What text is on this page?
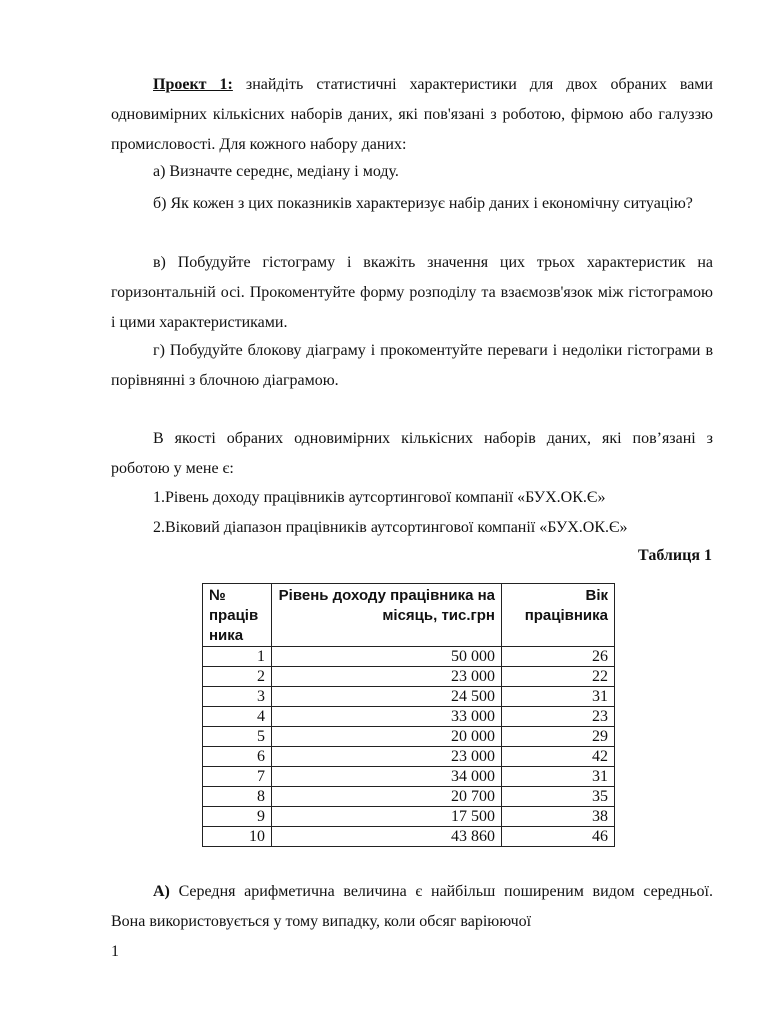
Проект 1: знайдіть статистичні характеристики для двох обраних вами одновимірних кількісних наборів даних, які пов'язані з роботою, фірмою або галуззю промисловості. Для кожного набору даних:

а) Визначте середнє, медіану і моду.

б) Як кожен з цих показників характеризує набір даних і економічну ситуацію?

в) Побудуйте гістограму і вкажіть значення цих трьох характеристик на горизонтальній осі. Прокоментуйте форму розподілу та взаємозв'язок між гістограмою і цими характеристиками.

г) Побудуйте блокову діаграму і прокоментуйте переваги і недоліки гістограми в порівнянні з блочною діаграмою.

В якості обраних одновимірних кількісних наборів даних, які пов’язані з роботою у мене є:

1.Рівень доходу працівників аутсортингової компанії «БУХ.ОК.Є»
2.Віковий діапазон працівників аутсортингової компанії «БУХ.ОК.Є»
Таблиця 1
№ праців ника	Рівень доходу працівника на місяць, тис.грн	Вік працівника
1	50 000	26
2	23 000	22
3	24 500	31
4	33 000	23
5	20 000	29
6	23 000	42
7	34 000	31
8	20 700	35
9	17 500	38
10	43 860	46

А) Середня арифметична величина є найбільш поширеним видом середньої. Вона використовується у тому випадку, коли обсяг варіюючої

1
